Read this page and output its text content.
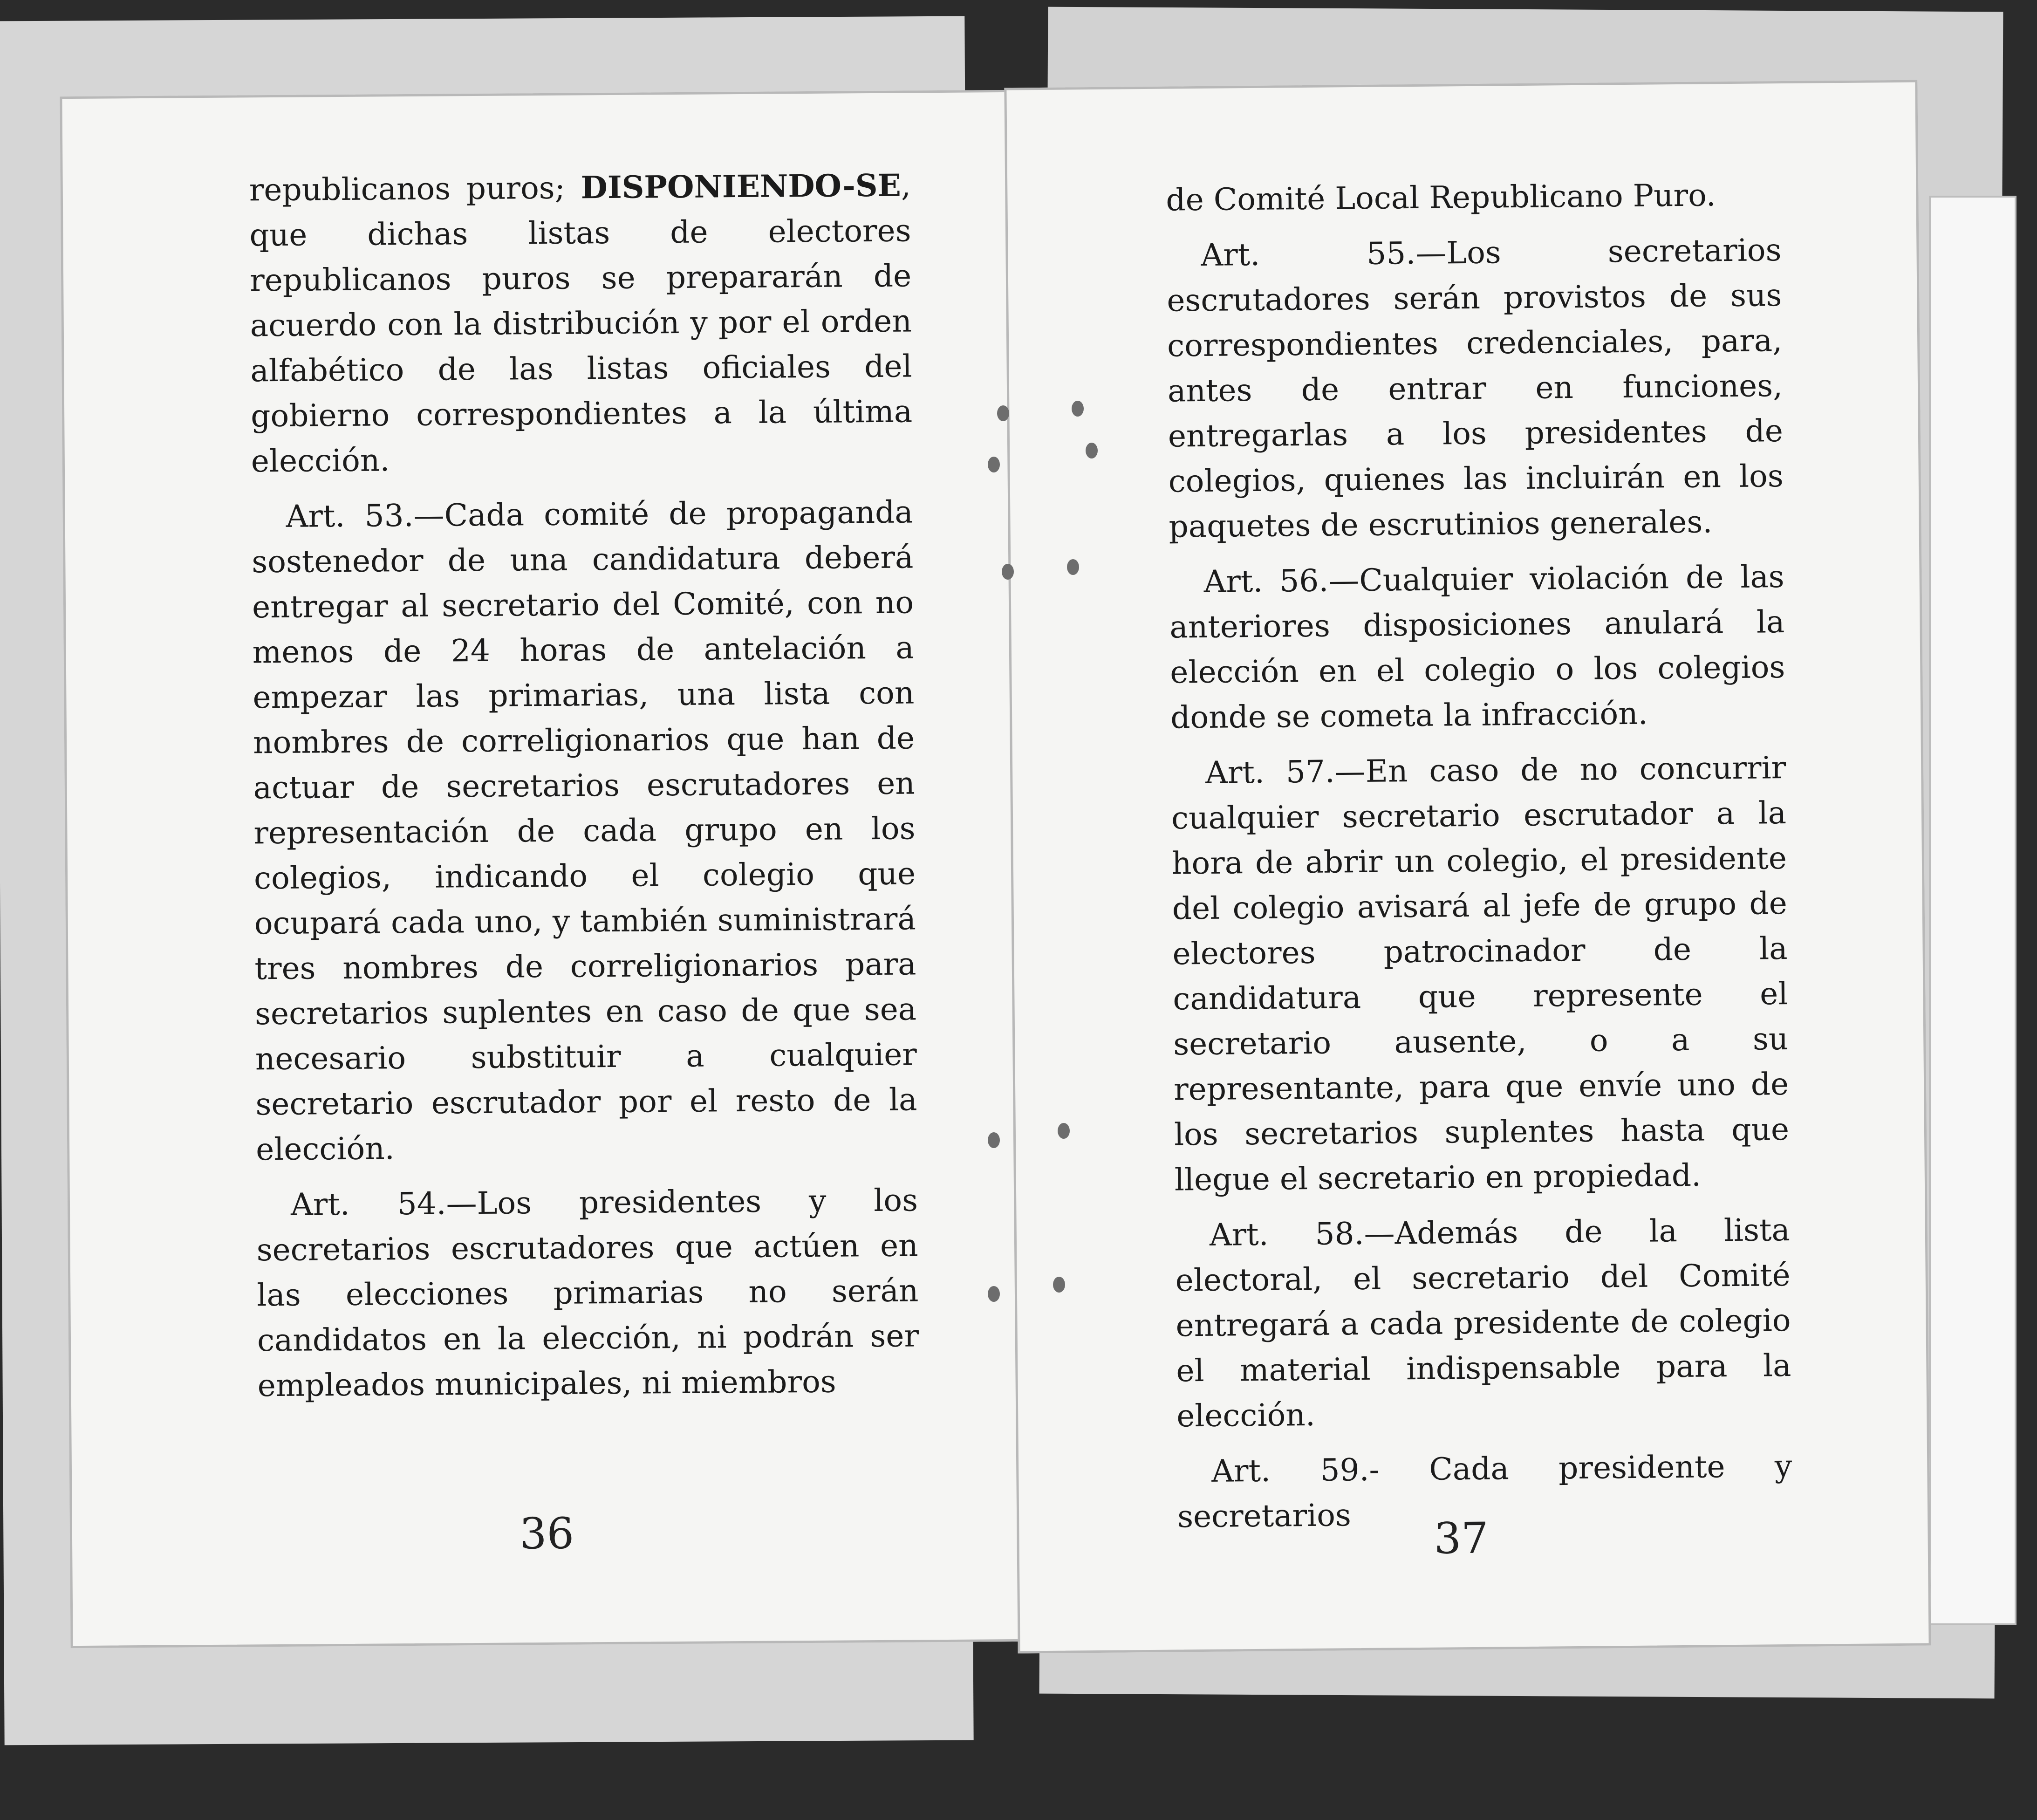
republicanos puros; DISPONIENDO-SE, que dichas listas de electores republicanos puros se prepararán de acuerdo con la distribución y por el orden alfabético de las listas oficiales del gobierno correspondientes a la última elección.

Art. 53.—Cada comité de propaganda sostenedor de una candidatura deberá entregar al secretario del Comité, con no menos de 24 horas de antelación a empezar las primarias, una lista con nombres de correligionarios que han de actuar de secretarios escrutadores en representación de cada grupo en los colegios, indicando el colegio que ocupará cada uno, y también suministrará tres nombres de correligionarios para secretarios suplentes en caso de que sea necesario substituir a cualquier secretario escrutador por el resto de la elección.

Art. 54.—Los presidentes y los secretarios escrutadores que actúen en las elecciones primarias no serán candidatos en la elección, ni podrán ser empleados municipales, ni miembros

36

de Comité Local Republicano Puro.

Art. 55.—Los secretarios escrutadores serán provistos de sus correspondientes credenciales, para, antes de entrar en funciones, entregarlas a los presidentes de colegios, quienes las incluirán en los paquetes de escrutinios generales.

Art. 56.—Cualquier violación de las anteriores disposiciones anulará la elección en el colegio o los colegios donde se cometa la infracción.

Art. 57.—En caso de no concurrir cualquier secretario escrutador a la hora de abrir un colegio, el presidente del colegio avisará al jefe de grupo de electores patrocinador de la candidatura que represente el secretario ausente, o a su representante, para que envíe uno de los secretarios suplentes hasta que llegue el secretario en propiedad.

Art. 58.—Además de la lista electoral, el secretario del Comité entregará a cada presidente de colegio el material indispensable para la elección.

Art. 59.- Cada presidente y secretarios	37
